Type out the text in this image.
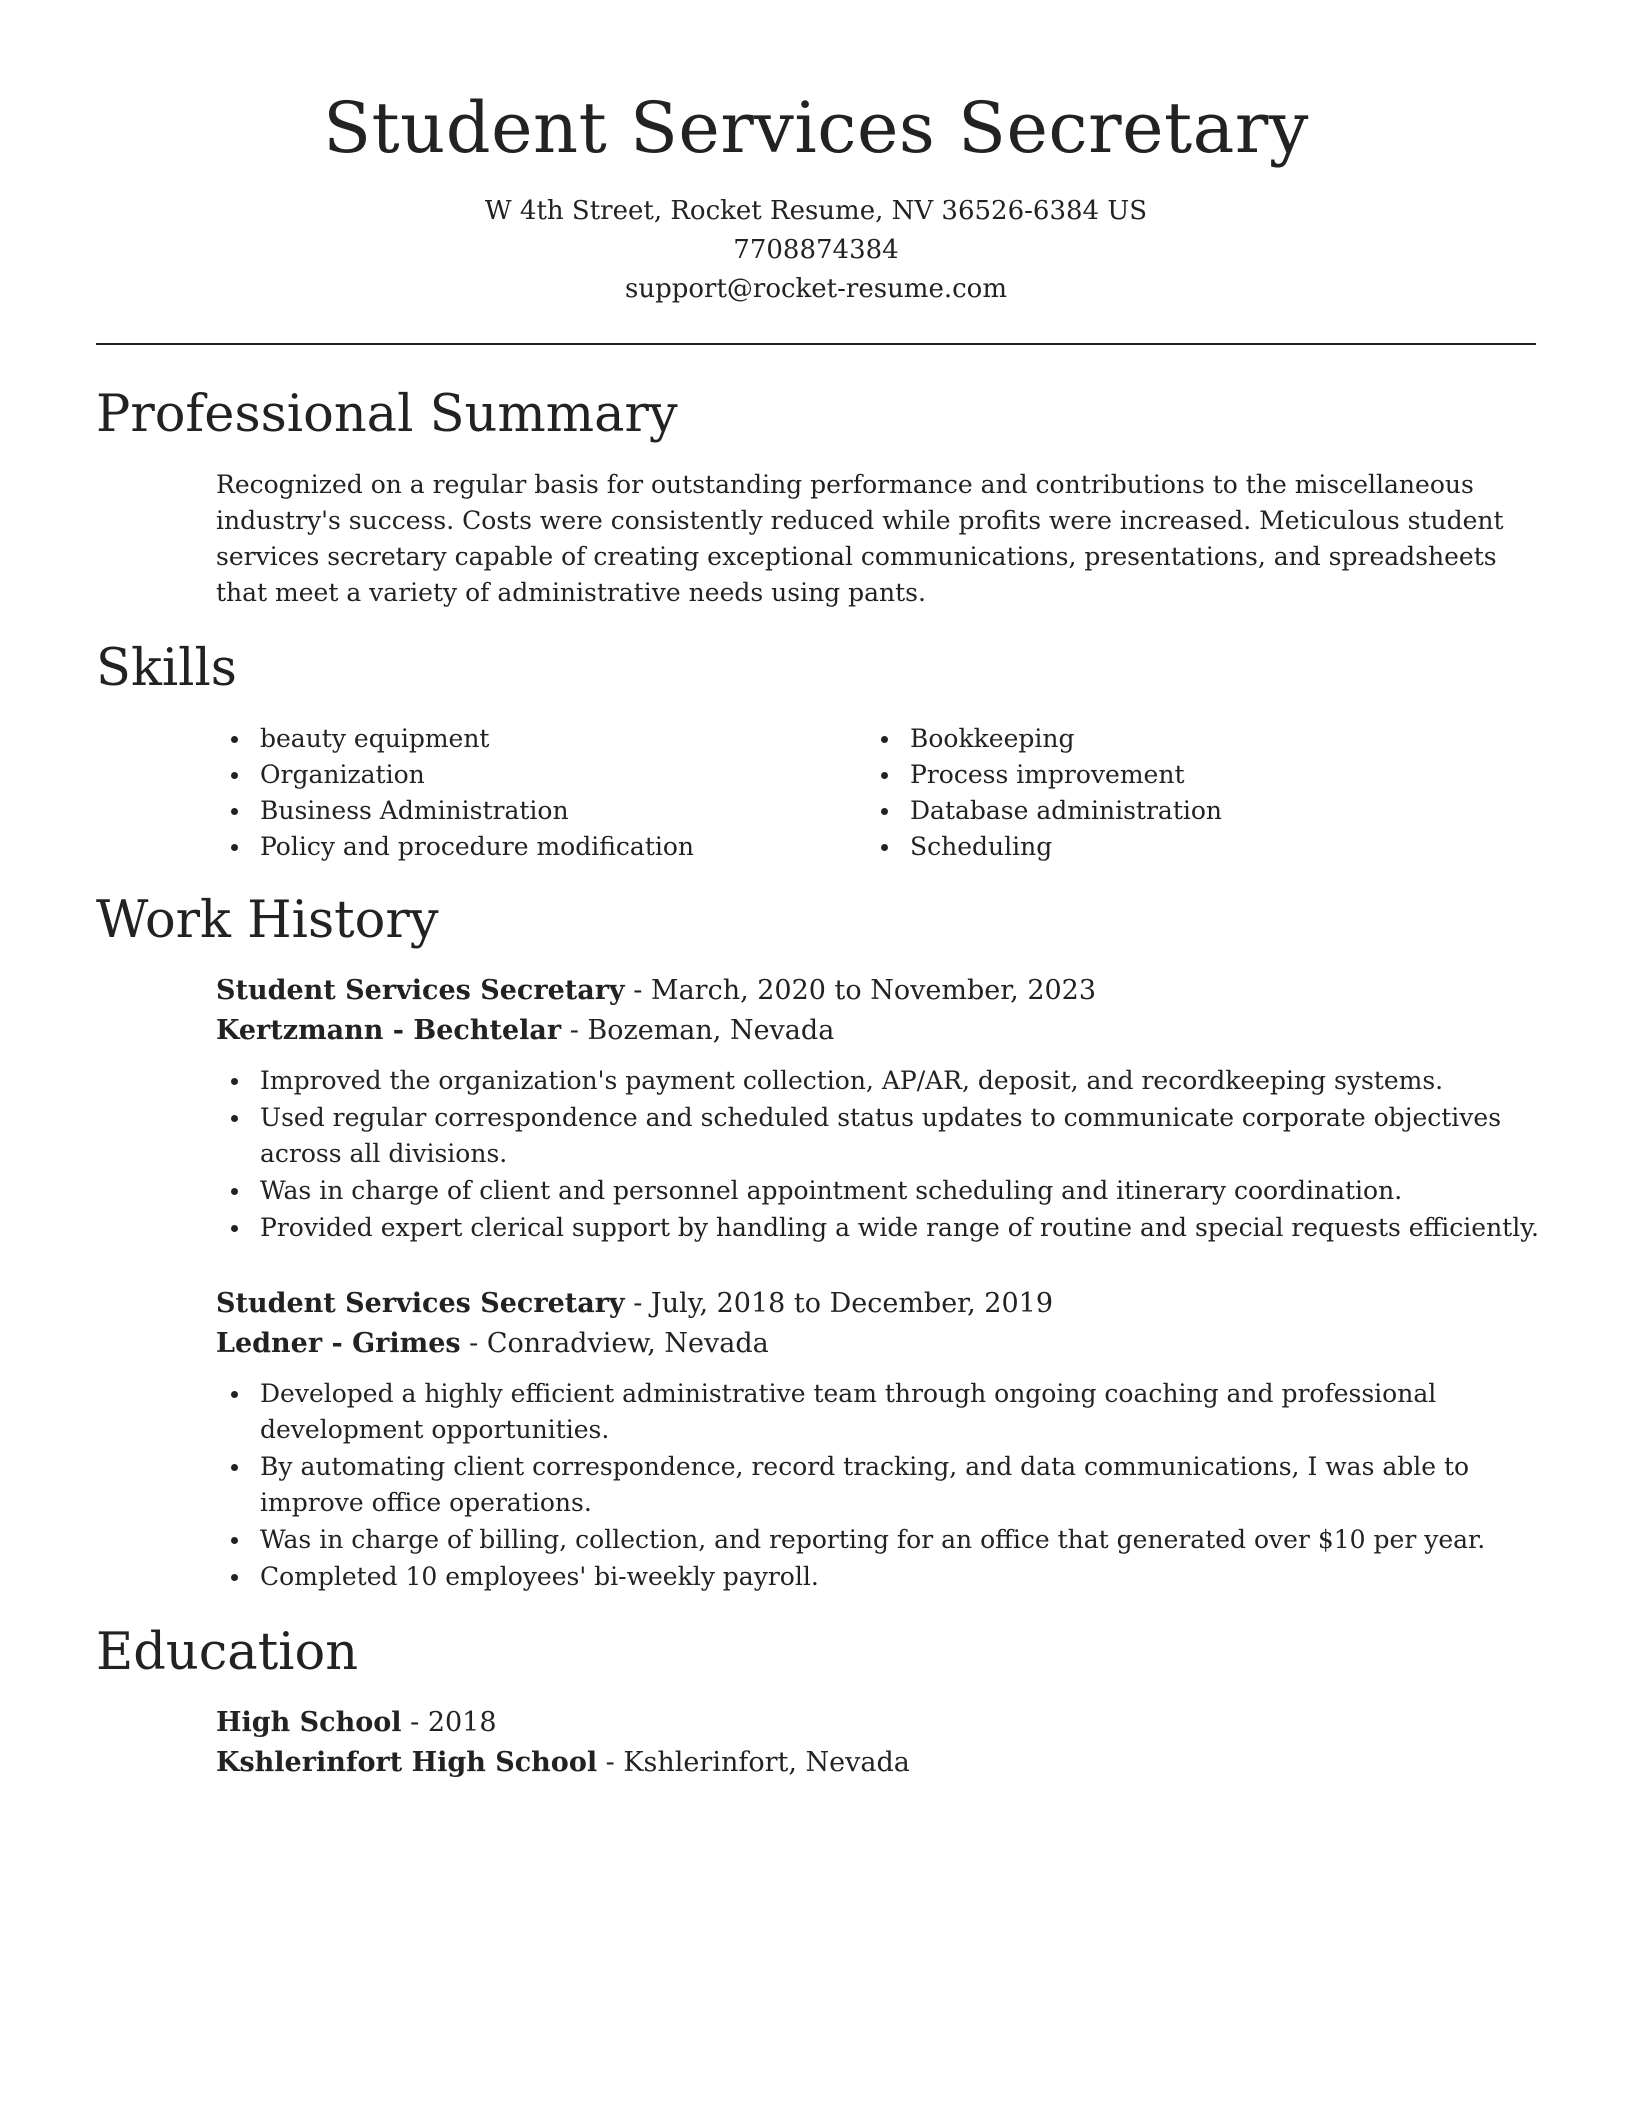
Student Services Secretary
W 4th Street, Rocket Resume, NV 36526-6384 US
7708874384
support@rocket-resume.com
Professional Summary

Recognized on a regular basis for outstanding performance and contributions to the miscellaneous industry's success. Costs were consistently reduced while profits were increased. Meticulous student services secretary capable of creating exceptional communications, presentations, and spreadsheets that meet a variety of administrative needs using pants.

Skills
beauty equipment
Organization
Business Administration
Policy and procedure modification
Bookkeeping
Process improvement
Database administration
Scheduling
Work History
Student Services Secretary - March, 2020 to November, 2023
Kertzmann - Bechtelar - Bozeman, Nevada
Improved the organization's payment collection, AP/AR, deposit, and recordkeeping systems.
Used regular correspondence and scheduled status updates to communicate corporate objectives across all divisions.
Was in charge of client and personnel appointment scheduling and itinerary coordination.
Provided expert clerical support by handling a wide range of routine and special requests efficiently.
Student Services Secretary - July, 2018 to December, 2019
Ledner - Grimes - Conradview, Nevada
Developed a highly efficient administrative team through ongoing coaching and professional development opportunities.
By automating client correspondence, record tracking, and data communications, I was able to improve office operations.
Was in charge of billing, collection, and reporting for an office that generated over $10 per year.
Completed 10 employees' bi-weekly payroll.
Education
High School - 2018
Kshlerinfort High School - Kshlerinfort, Nevada
